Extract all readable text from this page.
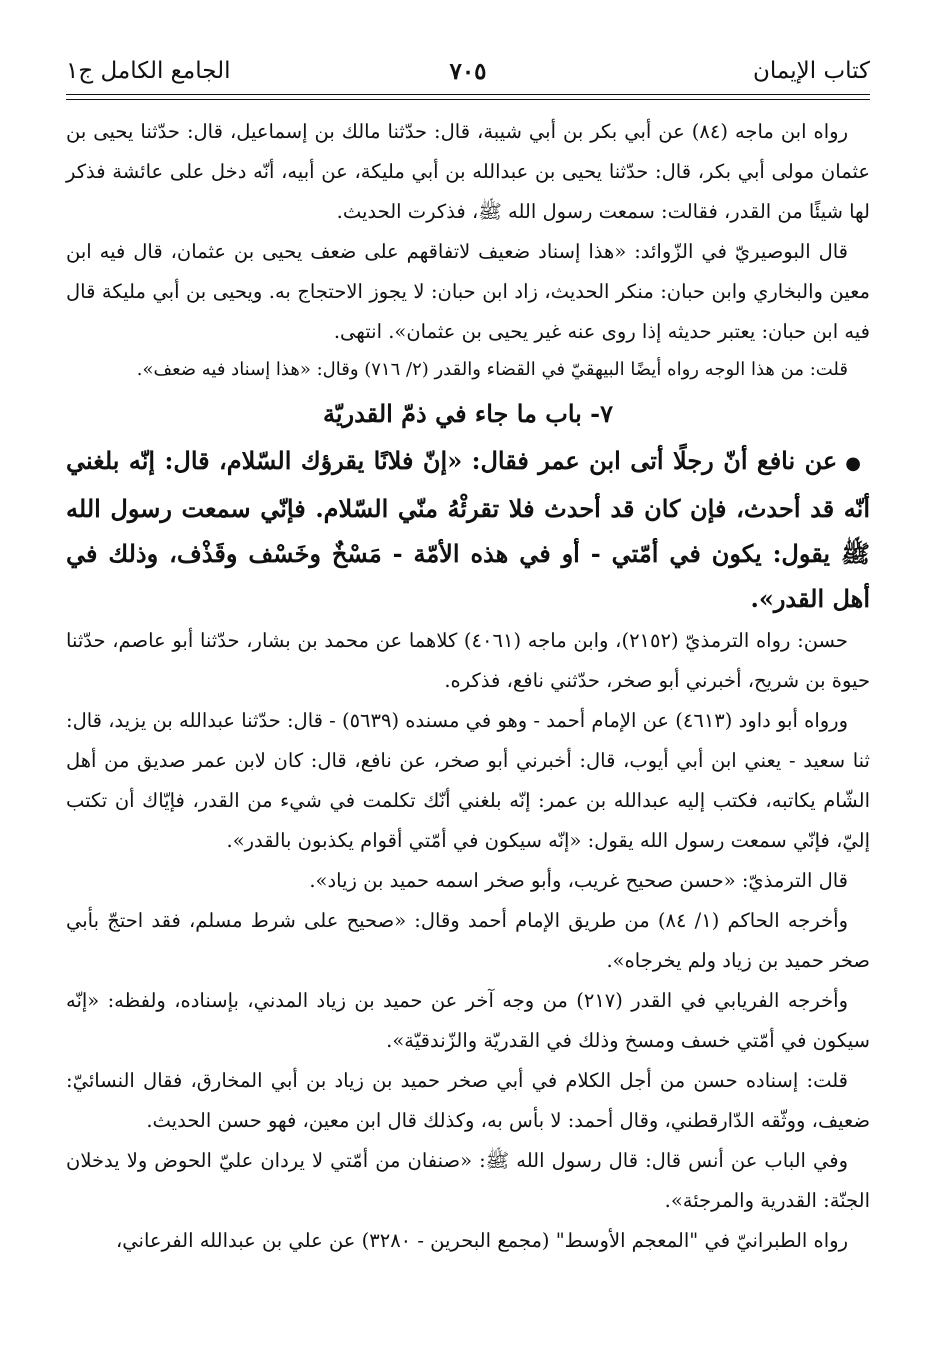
كتاب الإيمان
٧٠٥
الجامع الكامل ج١

رواه ابن ماجه (٨٤) عن أبي بكر بن أبي شيبة، قال: حدّثنا مالك بن إسماعيل، قال: حدّثنا يحيى بن عثمان مولى أبي بكر، قال: حدّثنا يحيى بن عبدالله بن أبي مليكة، عن أبيه، أنّه دخل على عائشة فذكر لها شيئًا من القدر، فقالت: سمعت رسول الله ﷺ، فذكرت الحديث.

قال البوصيريّ في الزّوائد: «هذا إسناد ضعيف لاتفاقهم على ضعف يحيى بن عثمان، قال فيه ابن معين والبخاري وابن حبان: منكر الحديث، زاد ابن حبان: لا يجوز الاحتجاج به. ويحيى بن أبي مليكة قال فيه ابن حبان: يعتبر حديثه إذا روى عنه غير يحيى بن عثمان». انتهى.

قلت: من هذا الوجه رواه أيضًا البيهقيّ في القضاء والقدر (٢/ ٧١٦) وقال: «هذا إسناد فيه ضعف».

٧- باب ما جاء في ذمّ القدريّة

●عن نافع أنّ رجلًا أتى ابن عمر فقال: «إنّ فلانًا يقرؤك السّلام، قال: إنّه بلغني أنّه قد أحدث، فإن كان قد أحدث فلا تقرئْهُ منّي السّلام. فإنّي سمعت رسول الله ﷺ يقول: يكون في أمّتي - أو في هذه الأمّة - مَسْخٌ وخَسْف وقَذْف، وذلك في أهل القدر».

حسن: رواه الترمذيّ (٢١٥٢)، وابن ماجه (٤٠٦١) كلاهما عن محمد بن بشار، حدّثنا أبو عاصم، حدّثنا حيوة بن شريح، أخبرني أبو صخر، حدّثني نافع، فذكره.

ورواه أبو داود (٤٦١٣) عن الإمام أحمد - وهو في مسنده (٥٦٣٩) - قال: حدّثنا عبدالله بن يزيد، قال: ثنا سعيد - يعني ابن أبي أيوب، قال: أخبرني أبو صخر، عن نافع، قال: كان لابن عمر صديق من أهل الشّام يكاتبه، فكتب إليه عبدالله بن عمر: إنّه بلغني أنّك تكلمت في شيء من القدر، فإيّاك أن تكتب إليّ، فإنّي سمعت رسول الله يقول: «إنّه سيكون في أمّتي أقوام يكذبون بالقدر».

قال الترمذيّ: «حسن صحيح غريب، وأبو صخر اسمه حميد بن زياد».

وأخرجه الحاكم (١/ ٨٤) من طريق الإمام أحمد وقال: «صحيح على شرط مسلم، فقد احتجّ بأبي صخر حميد بن زياد ولم يخرجاه».

وأخرجه الفريابي في القدر (٢١٧) من وجه آخر عن حميد بن زياد المدني، بإسناده، ولفظه: «إنّه سيكون في أمّتي خسف ومسخ وذلك في القدريّة والزّندقيّة».

قلت: إسناده حسن من أجل الكلام في أبي صخر حميد بن زياد بن أبي المخارق، فقال النسائيّ: ضعيف، ووثّقه الدّارقطني، وقال أحمد: لا بأس به، وكذلك قال ابن معين، فهو حسن الحديث.

وفي الباب عن أنس قال: قال رسول الله ﷺ: «صنفان من أمّتي لا يردان عليّ الحوض ولا يدخلان الجنّة: القدرية والمرجئة».

رواه الطبرانيّ في "المعجم الأوسط" (مجمع البحرين - ٣٢٨٠) عن علي بن عبدالله الفرعاني،
